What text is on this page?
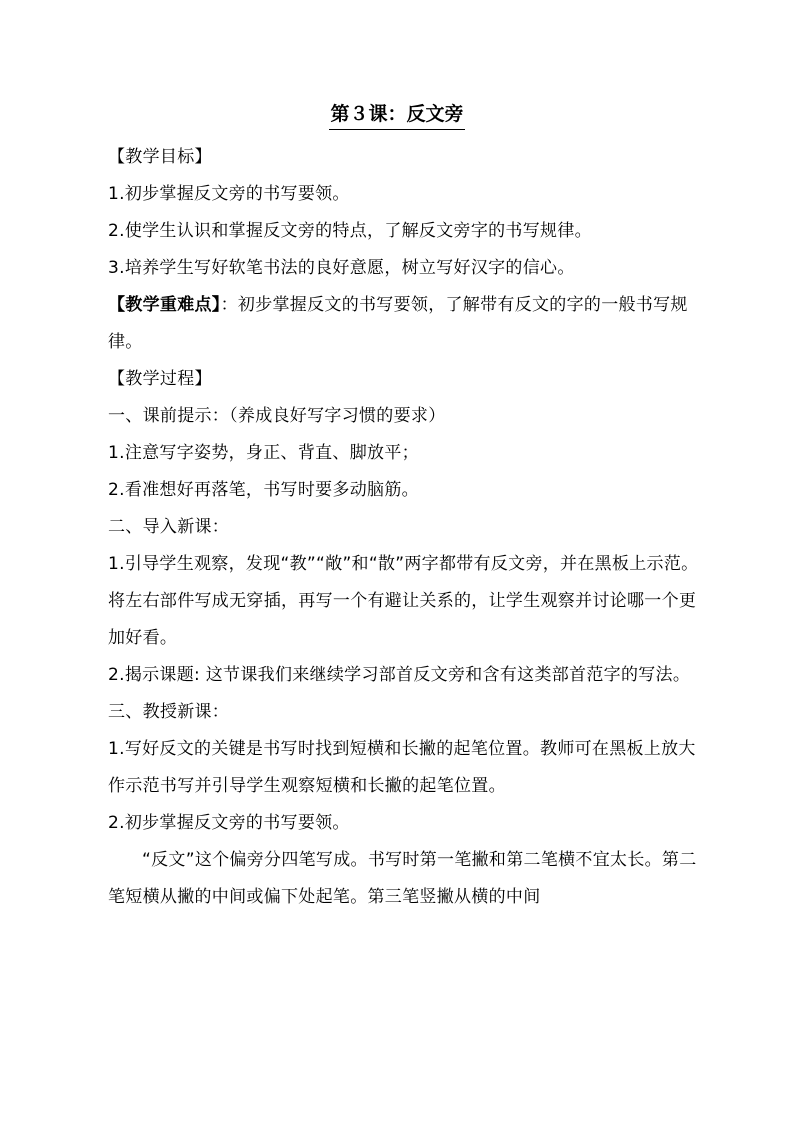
第３课：反文旁

【教学目标】

1.初步掌握反文旁的书写要领。

2.使学生认识和掌握反文旁的特点，了解反文旁字的书写规律。

3.培养学生写好软笔书法的良好意愿，树立写好汉字的信心。

【教学重难点】：初步掌握反文的书写要领，了解带有反文的字的一般书写规律。

【教学过程】

一、课前提示：（养成良好写字习惯的要求）

1.注意写字姿势，身正、背直、脚放平；

2.看准想好再落笔，书写时要多动脑筋。

二、导入新课：

1.引导学生观察，发现“教”“敞”和“散”两字都带有反文旁，并在黑板上示范。将左右部件写成无穿插，再写一个有避让关系的，让学生观察并讨论哪一个更加好看。

2.揭示课题: 这节课我们来继续学习部首反文旁和含有这类部首范字的写法。

三、教授新课：

1.写好反文的关键是书写时找到短横和长撇的起笔位置。教师可在黑板上放大作示范书写并引导学生观察短横和长撇的起笔位置。

2.初步掌握反文旁的书写要领。

“反文”这个偏旁分四笔写成。书写时第一笔撇和第二笔横不宜太长。第二笔短横从撇的中间或偏下处起笔。第三笔竖撇从横的中间
